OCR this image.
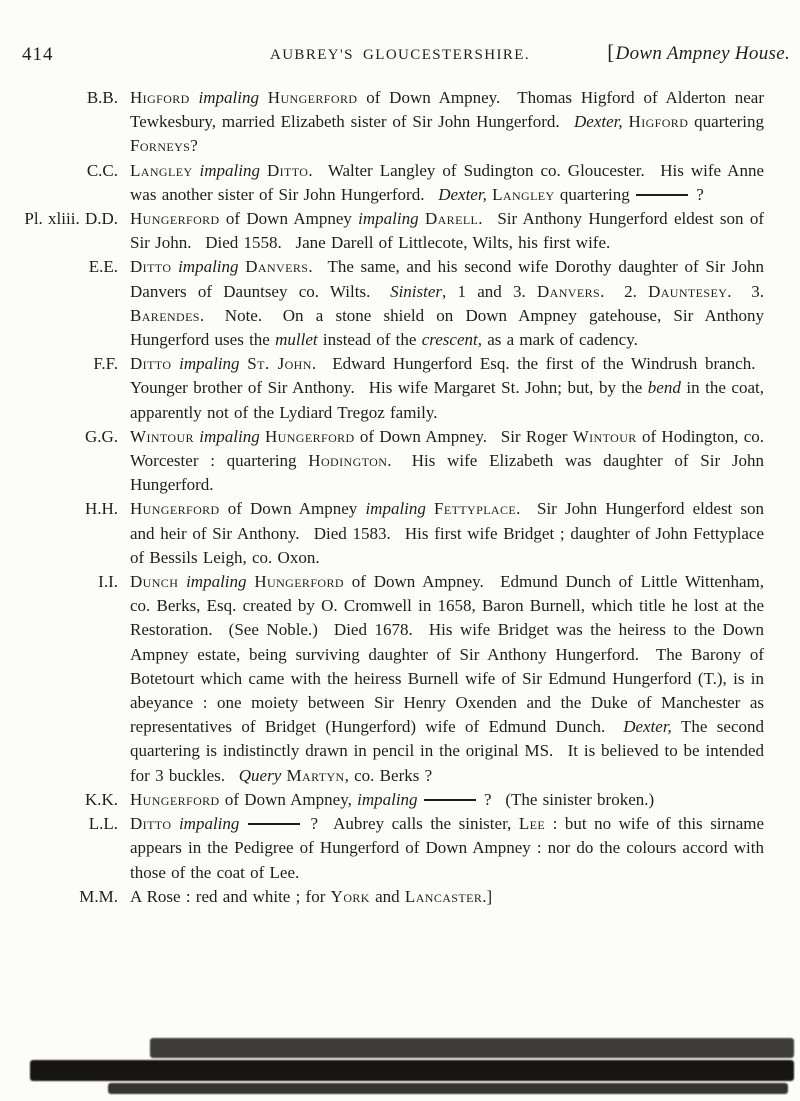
414	AUBREY'S GLOUCESTERSHIRE.	[Down Ampney House.
B.B. Higford impaling Hungerford of Down Ampney.  Thomas Higford of Alderton near Tewkesbury, married Elizabeth sister of Sir John Hungerford.  Dexter, Higford quartering Forneys?
C.C. Langley impaling Ditto.  Walter Langley of Sudington co. Gloucester.  His wife Anne was another sister of Sir John Hungerford.  Dexter, Langley quartering	?
Pl. xliii. D.D. Hungerford of Down Ampney impaling Darell.  Sir Anthony Hungerford eldest son of Sir John.  Died 1558.  Jane Darell of Littlecote, Wilts, his first wife.
E.E. Ditto impaling Danvers.  The same, and his second wife Dorothy daughter of Sir John Danvers of Dauntsey co. Wilts.  Sinister, 1 and 3. Danvers.  2. Dauntesey.  3. Barendes.  Note.  On a stone shield on Down Ampney gatehouse, Sir Anthony Hungerford uses the mullet instead of the crescent, as a mark of cadency.
F.F. Ditto impaling St. John.  Edward Hungerford Esq. the first of the Windrush branch.  Younger brother of Sir Anthony.  His wife Margaret St. John; but, by the bend in the coat, apparently not of the Lydiard Tregoz family.
G.G. Wintour impaling Hungerford of Down Ampney.  Sir Roger Wintour of Hodington, co. Worcester : quartering Hodington.  His wife Elizabeth was daughter of Sir John Hungerford.
H.H. Hungerford of Down Ampney impaling Fettyplace.  Sir John Hungerford eldest son and heir of Sir Anthony.  Died 1583.  His first wife Bridget ; daughter of John Fettyplace of Bessils Leigh, co. Oxon.
I.I. Dunch impaling Hungerford of Down Ampney.  Edmund Dunch of Little Wittenham, co. Berks, Esq. created by O. Cromwell in 1658, Baron Burnell, which title he lost at the Restoration.  (See Noble.)  Died 1678.  His wife Bridget was the heiress to the Down Ampney estate, being surviving daughter of Sir Anthony Hungerford.  The Barony of Botetourt which came with the heiress Burnell wife of Sir Edmund Hungerford (T.), is in abeyance : one moiety between Sir Henry Oxenden and the Duke of Manchester as representatives of Bridget (Hungerford) wife of Edmund Dunch.  Dexter, The second quartering is indistinctly drawn in pencil in the original MS.  It is believed to be intended for 3 buckles.  Query Martyn, co. Berks ?
K.K. Hungerford of Down Ampney, impaling	?  (The sinister broken.)
L.L. Ditto impaling	?  Aubrey calls the sinister, Lee : but no wife of this sirname appears in the Pedigree of Hungerford of Down Ampney : nor do the colours accord with those of the coat of Lee.
M.M. A Rose : red and white ; for York and Lancaster.]
